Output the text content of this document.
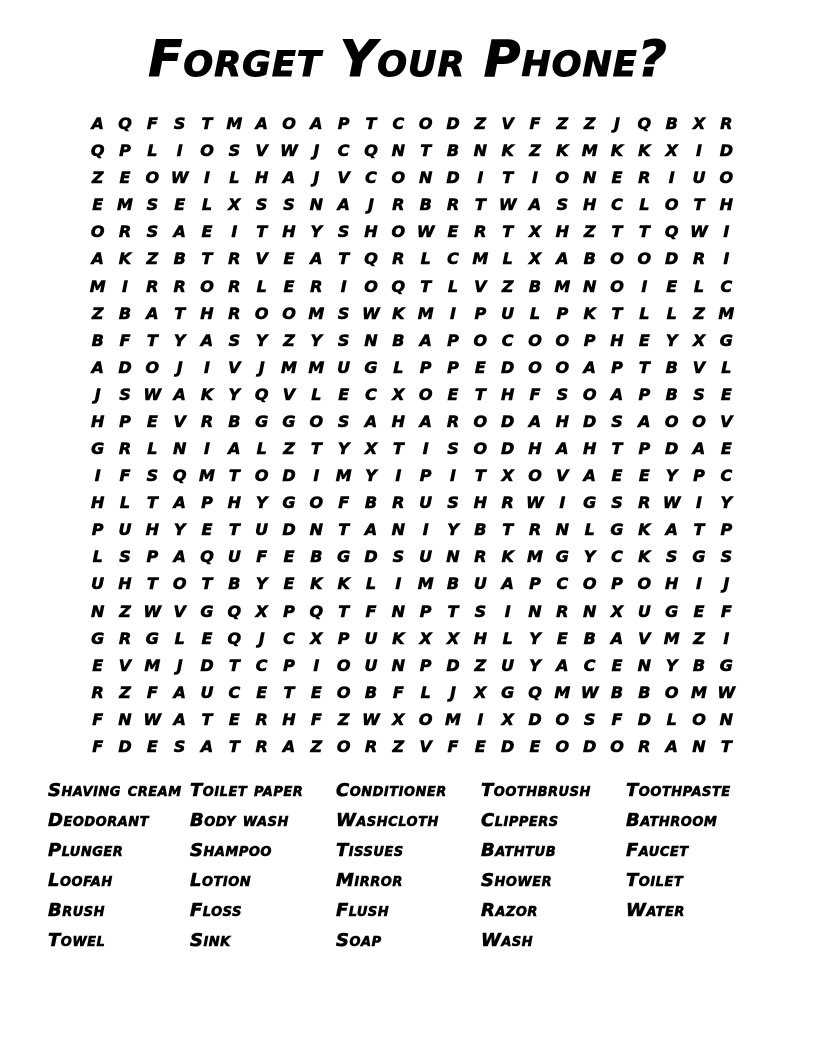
Forget Your Phone?
A Q F	S	T M A O A P	T	C O D Z V F	Z Z	J	Q B X R
Q P	L	I	O S V W J	C Q N T B N K Z K M K K X	I	D
Z	E O W I	L H A	J	V C O N D	I	T	I	O N E R	I	U O
E M S	E	L	X S S N A	J	R B R T W A S H C	L O T H
O R S A E	I	T H Y S H O W E R T X H Z	T	T Q W I
A K Z B T R V E A T Q R	L	C M L	X A B O O D R	I
M	I	R R O R	L	E R	I	O Q T	L	V Z B M N O	I	E	L	C
Z B A T H R O O M S W K M	I	P U L	P K T	L	L	Z M
B F	T	Y A S Y Z Y S N B A P O C O O P H E	Y X G
A D O	J	I	V	J	M M U G L	P P	E D O O A P	T B V	L
J	S W A K Y Q V	L	E C X O E	T H F	S O A P B S	E
H P	E V R B G G O S A H A R O D A H D S A O O V
G R	L N	I	A	L	Z	T	Y X T	I	S O D H A H T	P D A E
I	F	S Q M T O D	I	M Y	I	P	I	T X O V A E	E	Y P C
H L	T A P H Y G O F B R U S H R W I	G S R W I	Y
P U H Y	E	T U D N T A N	I	Y B T R N L G K A T	P
L	S P A Q U F	E B G D S U N R K M G Y C K S G S
U H T O T B Y	E K K	L	I	M B U A P C O P O H	I	J
N Z W V G Q X P Q T	F N P	T	S	I	N R N X U G E	F
G R G L	E Q	J	C X P U K X X H L	Y	E B A V M Z	I
E V M	J	D T	C P	I	O U N P D Z U Y A C E N Y B G
R Z	F A U C E	T	E O B F	L	J	X G Q M W B B O M W
F N W A T	E R H F	Z W X O M	I	X D O S	F D L O N
F D E	S A T R A Z O R Z V F	E D E O D O R A N T
Shaving cream
Deodorant
Plunger
Loofah
Brush
Towel
Toilet paper
Body wash
Shampoo
Lotion
Floss
Sink
Conditioner
Washcloth
Tissues
Mirror
Flush
Soap
Toothbrush
Clippers
Bathtub
Shower
Razor
Wash
Toothpaste
Bathroom
Faucet
Toilet
Water
